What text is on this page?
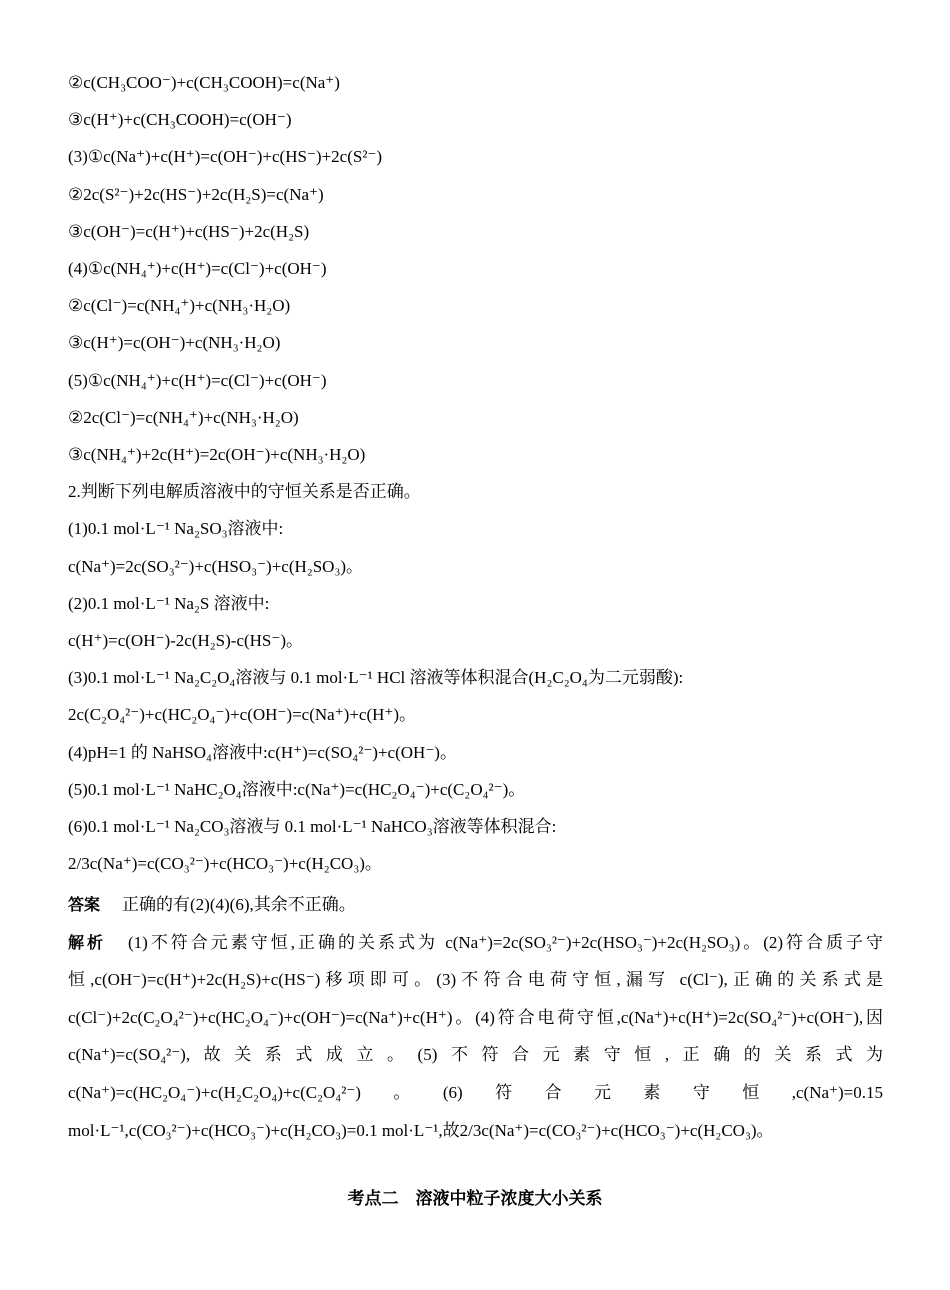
②c(CH₃COO⁻)+c(CH₃COOH)=c(Na⁺)
③c(H⁺)+c(CH₃COOH)=c(OH⁻)
(3)①c(Na⁺)+c(H⁺)=c(OH⁻)+c(HS⁻)+2c(S²⁻)
②2c(S²⁻)+2c(HS⁻)+2c(H₂S)=c(Na⁺)
③c(OH⁻)=c(H⁺)+c(HS⁻)+2c(H₂S)
(4)①c(NH₄⁺)+c(H⁺)=c(Cl⁻)+c(OH⁻)
②c(Cl⁻)=c(NH₄⁺)+c(NH₃·H₂O)
③c(H⁺)=c(OH⁻)+c(NH₃·H₂O)
(5)①c(NH₄⁺)+c(H⁺)=c(Cl⁻)+c(OH⁻)
②2c(Cl⁻)=c(NH₄⁺)+c(NH₃·H₂O)
③c(NH₄⁺)+2c(H⁺)=2c(OH⁻)+c(NH₃·H₂O)
2.判断下列电解质溶液中的守恒关系是否正确。
(1)0.1 mol·L⁻¹ Na₂SO₃溶液中:
c(Na⁺)=2c(SO₃²⁻)+c(HSO₃⁻)+c(H₂SO₃)。
(2)0.1 mol·L⁻¹ Na₂S 溶液中:
c(H⁺)=c(OH⁻)-2c(H₂S)-c(HS⁻)。
(3)0.1 mol·L⁻¹ Na₂C₂O₄溶液与 0.1 mol·L⁻¹ HCl 溶液等体积混合(H₂C₂O₄为二元弱酸):
2c(C₂O₄²⁻)+c(HC₂O₄⁻)+c(OH⁻)=c(Na⁺)+c(H⁺)。
(4)pH=1 的 NaHSO₄溶液中:c(H⁺)=c(SO₄²⁻)+c(OH⁻)。
(5)0.1 mol·L⁻¹ NaHC₂O₄溶液中:c(Na⁺)=c(HC₂O₄⁻)+c(C₂O₄²⁻)。
(6)0.1 mol·L⁻¹ Na₂CO₃溶液与 0.1 mol·L⁻¹ NaHCO₃溶液等体积混合:
2/3c(Na⁺)=c(CO₃²⁻)+c(HCO₃⁻)+c(H₂CO₃)。
答案 正确的有(2)(4)(6),其余不正确。
解析 (1)不符合元素守恒,正确的关系式为 c(Na⁺)=2c(SO₃²⁻)+2c(HSO₃⁻)+2c(H₂SO₃)。(2)符合质子守恒,c(OH⁻)=c(H⁺)+2c(H₂S)+c(HS⁻)移项即可。(3)不符合电荷守恒,漏写 c(Cl⁻),正确的关系式是 c(Cl⁻)+2c(C₂O₄²⁻)+c(HC₂O₄⁻)+c(OH⁻)=c(Na⁺)+c(H⁺)。(4)符合电荷守恒,c(Na⁺)+c(H⁺)=2c(SO₄²⁻)+c(OH⁻),因c(Na⁺)=c(SO₄²⁻),故关系式成立。(5)不符合元素守恒,正确的关系式为 c(Na⁺)=c(HC₂O₄⁻)+c(H₂C₂O₄)+c(C₂O₄²⁻)。(6)符合元素守恒,c(Na⁺)=0.15 mol·L⁻¹,c(CO₃²⁻)+c(HCO₃⁻)+c(H₂CO₃)=0.1 mol·L⁻¹,故2/3c(Na⁺)=c(CO₃²⁻)+c(HCO₃⁻)+c(H₂CO₃)。
考点二　溶液中粒子浓度大小关系
